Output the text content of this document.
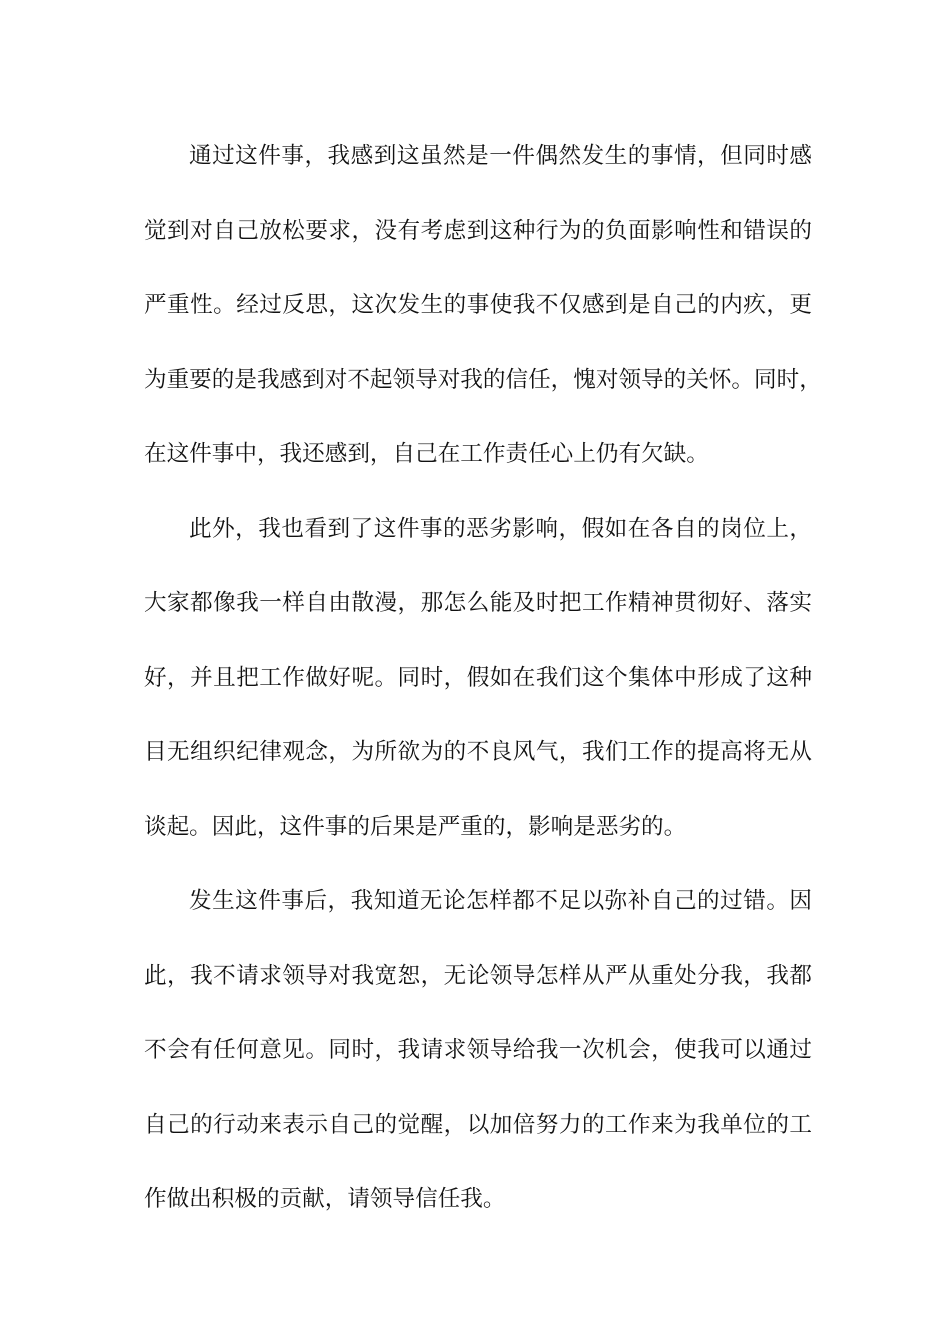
通过这件事，我感到这虽然是一件偶然发生的事情，但同时感
觉到对自己放松要求，没有考虑到这种行为的负面影响性和错误的
严重性。经过反思，这次发生的事使我不仅感到是自己的内疚，更
为重要的是我感到对不起领导对我的信任，愧对领导的关怀。同时，
在这件事中，我还感到，自己在工作责任心上仍有欠缺。
此外，我也看到了这件事的恶劣影响，假如在各自的岗位上，
大家都像我一样自由散漫，那怎么能及时把工作精神贯彻好、落实
好，并且把工作做好呢。同时，假如在我们这个集体中形成了这种
目无组织纪律观念，为所欲为的不良风气，我们工作的提高将无从
谈起。因此，这件事的后果是严重的，影响是恶劣的。
发生这件事后，我知道无论怎样都不足以弥补自己的过错。因
此，我不请求领导对我宽恕，无论领导怎样从严从重处分我，我都
不会有任何意见。同时，我请求领导给我一次机会，使我可以通过
自己的行动来表示自己的觉醒，以加倍努力的工作来为我单位的工
作做出积极的贡献，请领导信任我。
